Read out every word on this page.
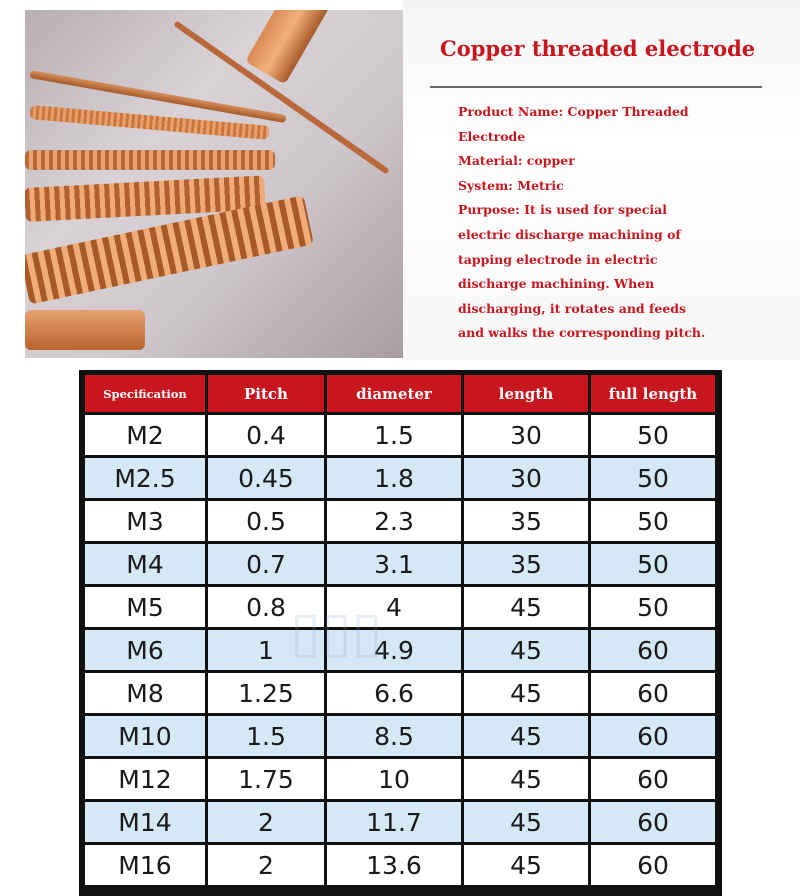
Copper threaded electrode
Product Name: Copper Threaded
Electrode
Material: copper
System: Metric
Purpose: It is used for special
electric discharge machining of
tapping electrode in electric
discharge machining. When
discharging, it rotates and feeds
and walks the corresponding pitch.
Specification	Pitch	diameter	length	full length
M2	0.4	1.5	30	50
M2.5	0.45	1.8	30	50
M3	0.5	2.3	35	50
M4	0.7	3.1	35	50
M5	0.8	4	45	50
M6	1	4.9	45	60
M8	1.25	6.6	45	60
M10	1.5	8.5	45	60
M12	1.75	10	45	60
M14	2	11.7	45	60
M16	2	13.6	45	60
